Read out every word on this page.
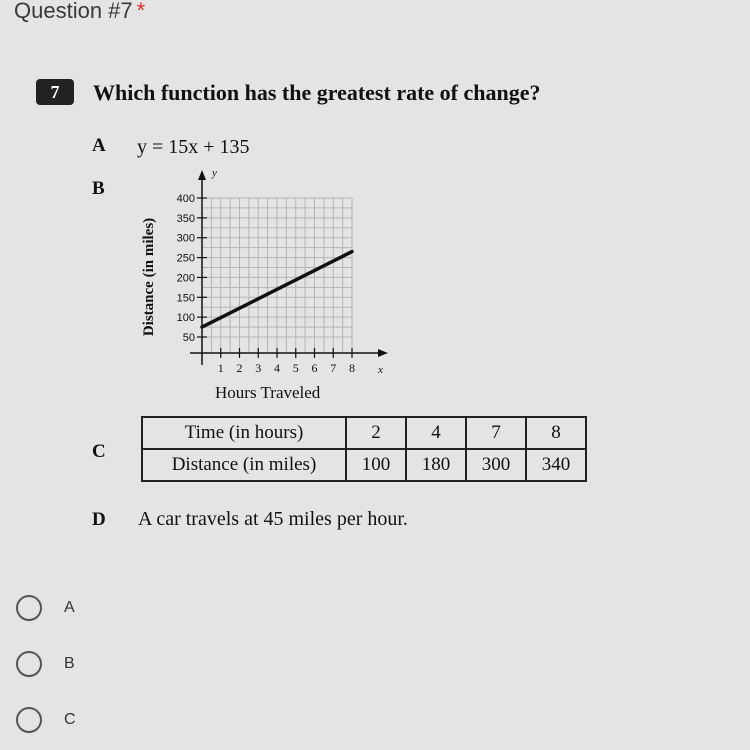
Question #7 *
7	Which function has the greatest rate of change?
A y = 15x + 135
B
y
x
50
100
150
200
250
300
350
400
1 2 3 4 5 6 7 8
Distance (in miles)
Hours Traveled
C
Time (in hours)	2	4	7	8
Distance (in miles)	100	180	300	340
D A car travels at 45 miles per hour.
A
B
C
